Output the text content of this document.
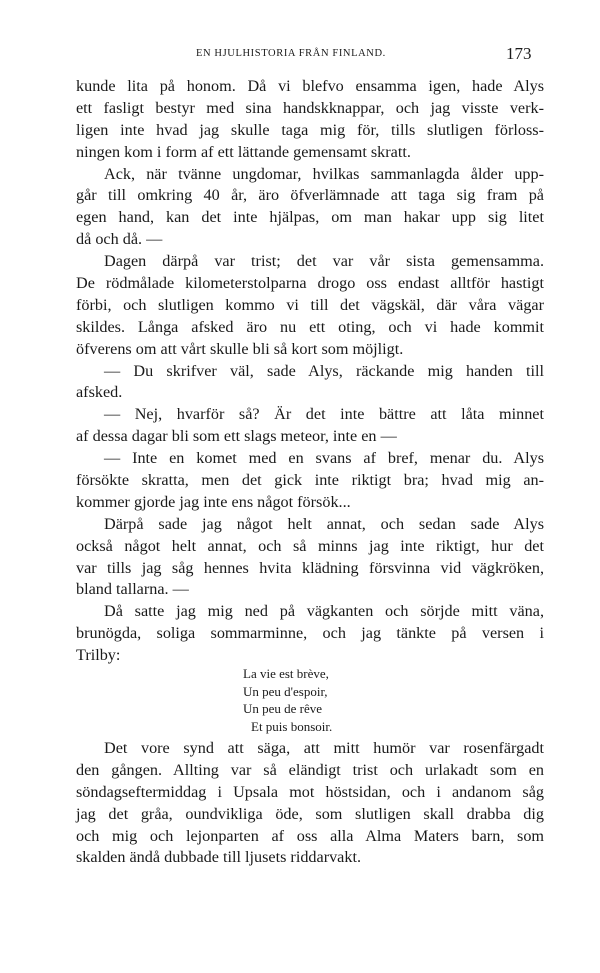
EN HJULHISTORIA FRÅN FINLAND.	173
kunde lita på honom. Då vi blefvo ensamma igen, hade Alys
ett fasligt bestyr med sina handskknappar, och jag visste verk-
ligen inte hvad jag skulle taga mig för, tills slutligen förloss-
ningen kom i form af ett lättande gemensamt skratt.
Ack, när tvänne ungdomar, hvilkas sammanlagda ålder upp-
går till omkring 40 år, äro öfverlämnade att taga sig fram på
egen hand, kan det inte hjälpas, om man hakar upp sig litet
då och då. —
Dagen därpå var trist; det var vår sista gemensamma.
De rödmålade kilometerstolparna drogo oss endast alltför hastigt
förbi, och slutligen kommo vi till det vägskäl, där våra vägar
skildes. Långa afsked äro nu ett oting, och vi hade kommit
öfverens om att vårt skulle bli så kort som möjligt.
— Du skrifver väl, sade Alys, räckande mig handen till
afsked.
— Nej, hvarför så? Är det inte bättre att låta minnet
af dessa dagar bli som ett slags meteor, inte en —
— Inte en komet med en svans af bref, menar du. Alys
försökte skratta, men det gick inte riktigt bra; hvad mig an-
kommer gjorde jag inte ens något försök...
Därpå sade jag något helt annat, och sedan sade Alys
också något helt annat, och så minns jag inte riktigt, hur det
var tills jag såg hennes hvita klädning försvinna vid vägkröken,
bland tallarna. —
Då satte jag mig ned på vägkanten och sörjde mitt väna,
brunögda, soliga sommarminne, och jag tänkte på versen i
Trilby:
La vie est brève,
Un peu d'espoir,
Un peu de rêve
Et puis bonsoir.
Det vore synd att säga, att mitt humör var rosenfärgadt
den gången. Allting var så eländigt trist och urlakadt som en
söndagseftermiddag i Upsala mot höstsidan, och i andanom såg
jag det gråa, oundvikliga öde, som slutligen skall drabba dig
och mig och lejonparten af oss alla Alma Maters barn, som
skalden ändå dubbade till ljusets riddarvakt.
